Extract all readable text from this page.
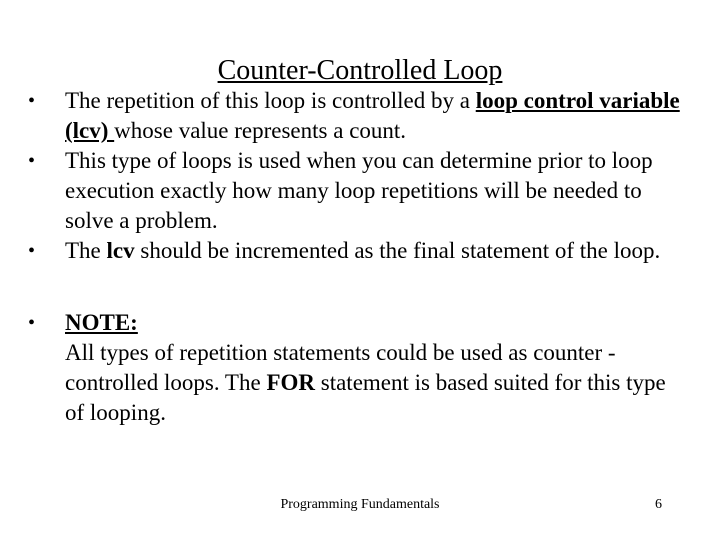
Counter-Controlled Loop
•	The repetition of this loop is controlled by a loop control variable (lcv) whose value represents a count.
•	This type of loops is used when you can determine prior to loop execution exactly how many loop repetitions will be needed to solve a problem.
•	The lcv should be incremented as the final statement of the loop.
•	NOTE:
All types of repetition statements could be used as counter -controlled loops. The FOR statement is based suited for this type of looping.
Programming Fundamentals	6
